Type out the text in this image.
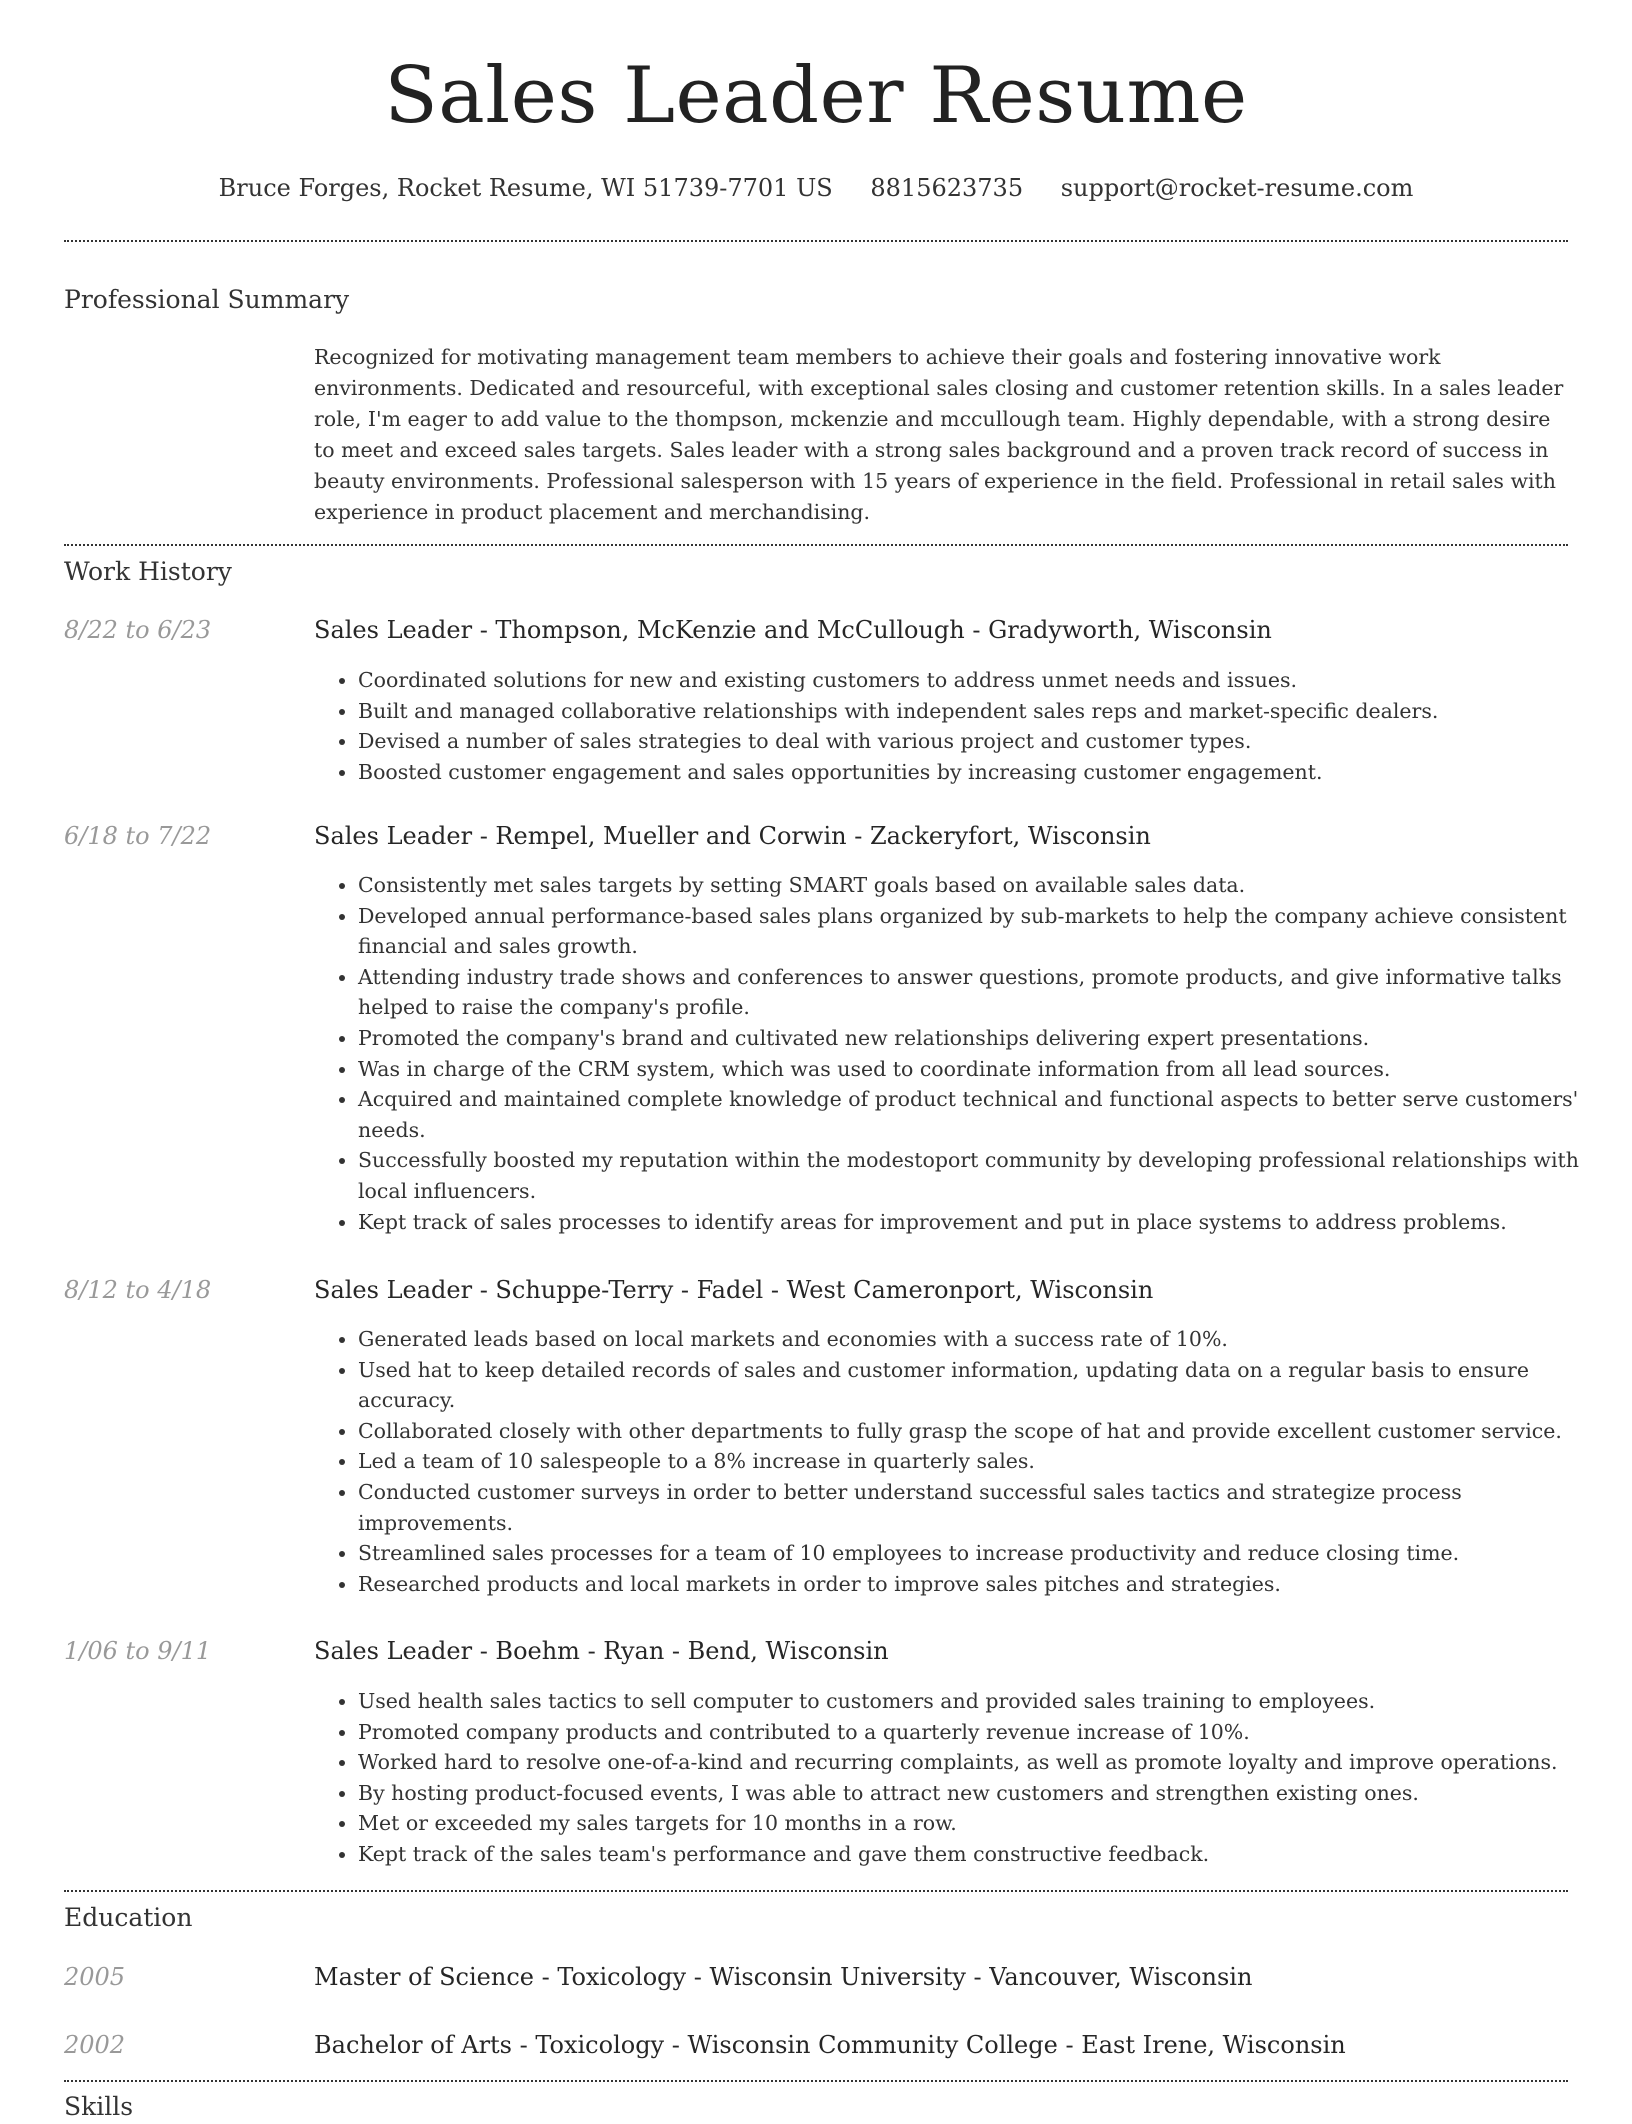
Sales Leader Resume
Bruce Forges, Rocket Resume, WI 51739-7701 US 8815623735 support@rocket-resume.com
Professional Summary

Recognized for motivating management team members to achieve their goals and fostering innovative work environments. Dedicated and resourceful, with exceptional sales closing and customer retention skills. In a sales leader role, I'm eager to add value to the thompson, mckenzie and mccullough team. Highly dependable, with a strong desire to meet and exceed sales targets. Sales leader with a strong sales background and a proven track record of success in beauty environments. Professional salesperson with 15 years of experience in the field. Professional in retail sales with experience in product placement and merchandising.

Work History
8/22 to 6/23	Sales Leader - Thompson, McKenzie and McCullough - Gradyworth, Wisconsin
• Coordinated solutions for new and existing customers to address unmet needs and issues.
• Built and managed collaborative relationships with independent sales reps and market-specific dealers.
• Devised a number of sales strategies to deal with various project and customer types.
• Boosted customer engagement and sales opportunities by increasing customer engagement.
6/18 to 7/22	Sales Leader - Rempel, Mueller and Corwin - Zackeryfort, Wisconsin
• Consistently met sales targets by setting SMART goals based on available sales data.
• Developed annual performance-based sales plans organized by sub-markets to help the company achieve consistent financial and sales growth.
• Attending industry trade shows and conferences to answer questions, promote products, and give informative talks helped to raise the company's profile.
• Promoted the company's brand and cultivated new relationships delivering expert presentations.
• Was in charge of the CRM system, which was used to coordinate information from all lead sources.
• Acquired and maintained complete knowledge of product technical and functional aspects to better serve customers' needs.
• Successfully boosted my reputation within the modestoport community by developing professional relationships with local influencers.
• Kept track of sales processes to identify areas for improvement and put in place systems to address problems.
8/12 to 4/18	Sales Leader - Schuppe-Terry - Fadel - West Cameronport, Wisconsin
• Generated leads based on local markets and economies with a success rate of 10%.
• Used hat to keep detailed records of sales and customer information, updating data on a regular basis to ensure accuracy.
• Collaborated closely with other departments to fully grasp the scope of hat and provide excellent customer service.
• Led a team of 10 salespeople to a 8% increase in quarterly sales.
• Conducted customer surveys in order to better understand successful sales tactics and strategize process improvements.
• Streamlined sales processes for a team of 10 employees to increase productivity and reduce closing time.
• Researched products and local markets in order to improve sales pitches and strategies.
1/06 to 9/11	Sales Leader - Boehm - Ryan - Bend, Wisconsin
• Used health sales tactics to sell computer to customers and provided sales training to employees.
• Promoted company products and contributed to a quarterly revenue increase of 10%.
• Worked hard to resolve one-of-a-kind and recurring complaints, as well as promote loyalty and improve operations.
• By hosting product-focused events, I was able to attract new customers and strengthen existing ones.
• Met or exceeded my sales targets for 10 months in a row.
• Kept track of the sales team's performance and gave them constructive feedback.
Education
2005	Master of Science - Toxicology - Wisconsin University - Vancouver, Wisconsin
2002	Bachelor of Arts - Toxicology - Wisconsin Community College - East Irene, Wisconsin
Skills
